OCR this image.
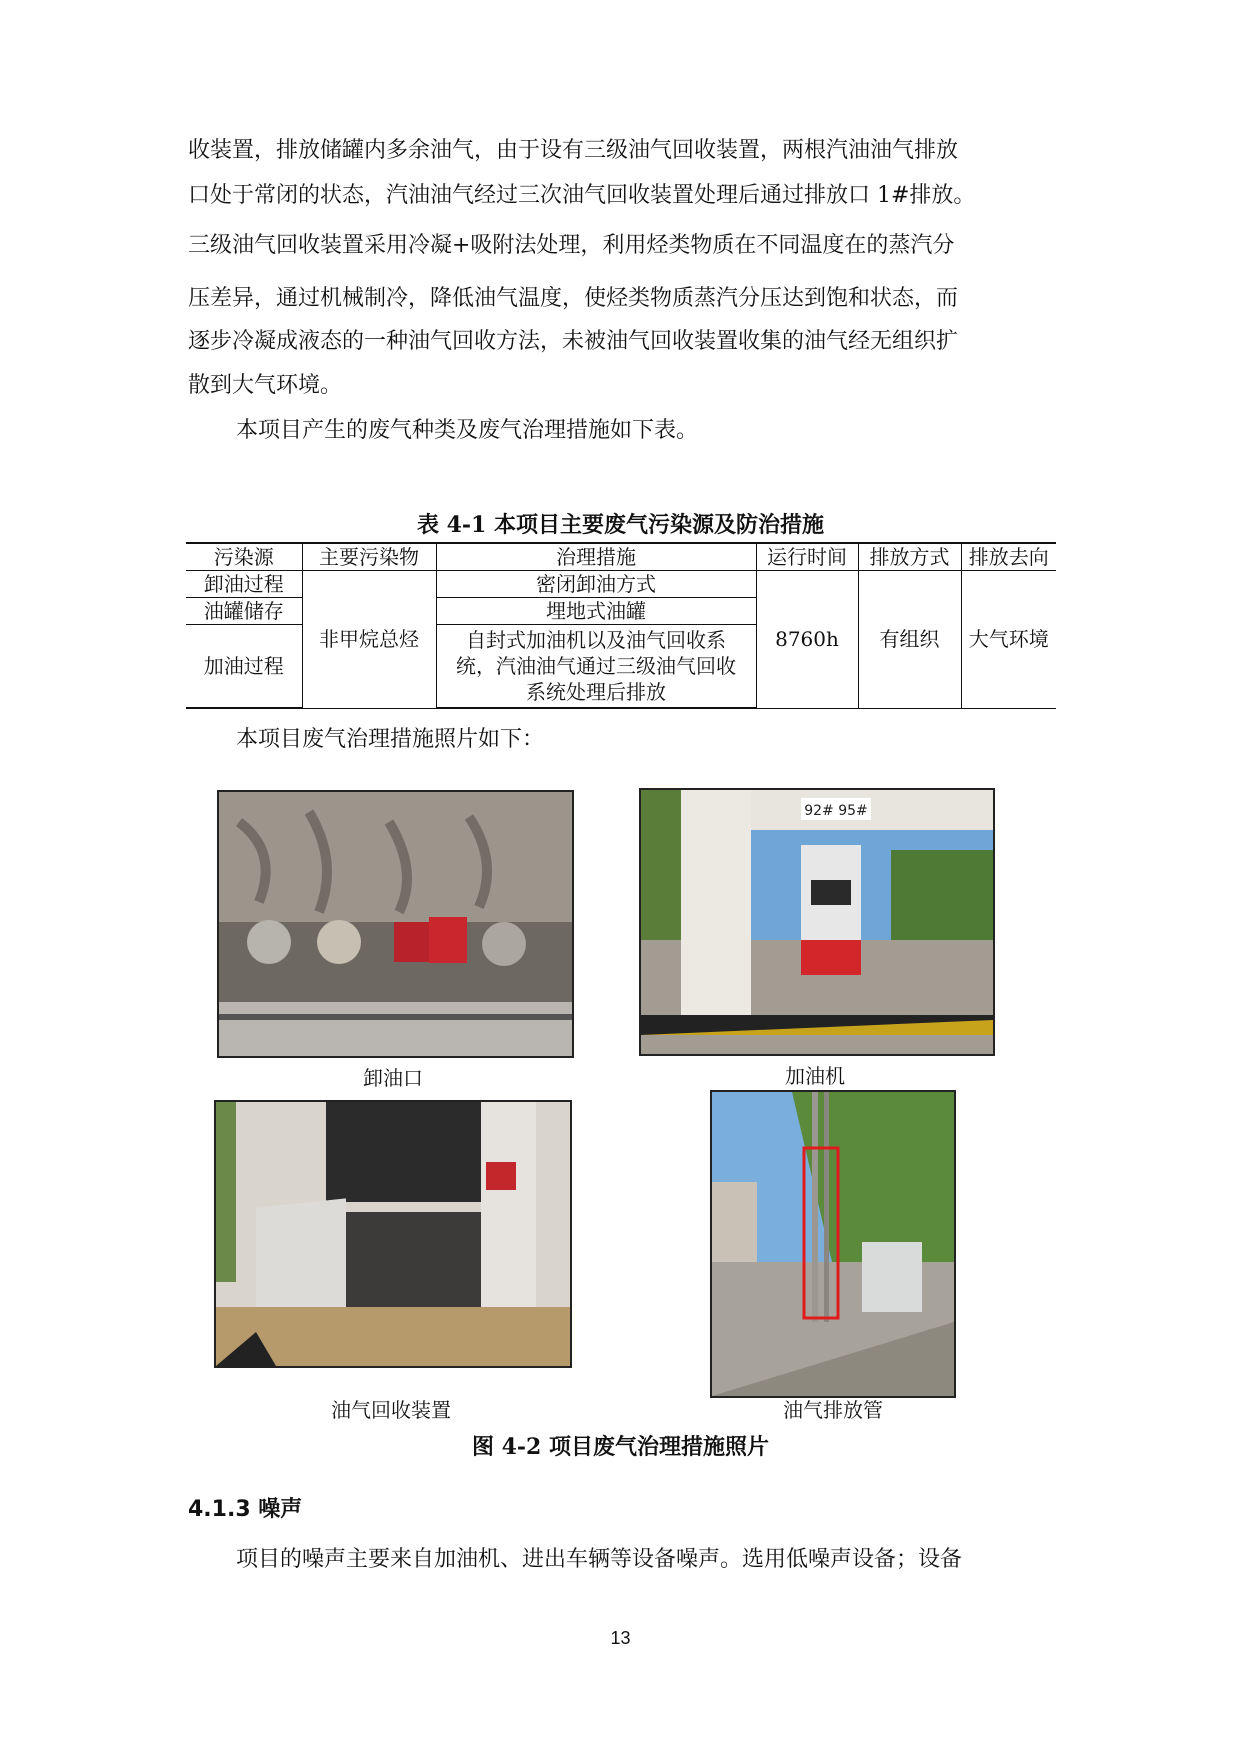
收装置，排放储罐内多余油气，由于设有三级油气回收装置，两根汽油油气排放
口处于常闭的状态，汽油油气经过三次油气回收装置处理后通过排放口 1#排放。
三级油气回收装置采用冷凝+吸附法处理，利用烃类物质在不同温度在的蒸汽分
压差异，通过机械制冷，降低油气温度，使烃类物质蒸汽分压达到饱和状态，而
逐步冷凝成液态的一种油气回收方法，未被油气回收装置收集的油气经无组织扩
散到大气环境。
本项目产生的废气种类及废气治理措施如下表。
表 4-1 本项目主要废气污染源及防治措施
污染源	主要污染物	治理措施	运行时间	排放方式	排放去向
卸油过程	非甲烷总烃	密闭卸油方式	8760h	有组织	大气环境
油罐储存		埋地式油罐			
加油过程		自封式加油机以及油气回收系统，汽油油气通过三级油气回收系统处理后排放			
本项目废气治理措施照片如下：
卸油口
92# 95#
加油机
油气回收装置	油气排放管
图 4-2 项目废气治理措施照片
4.1.3 噪声
项目的噪声主要来自加油机、进出车辆等设备噪声。选用低噪声设备；设备
13
